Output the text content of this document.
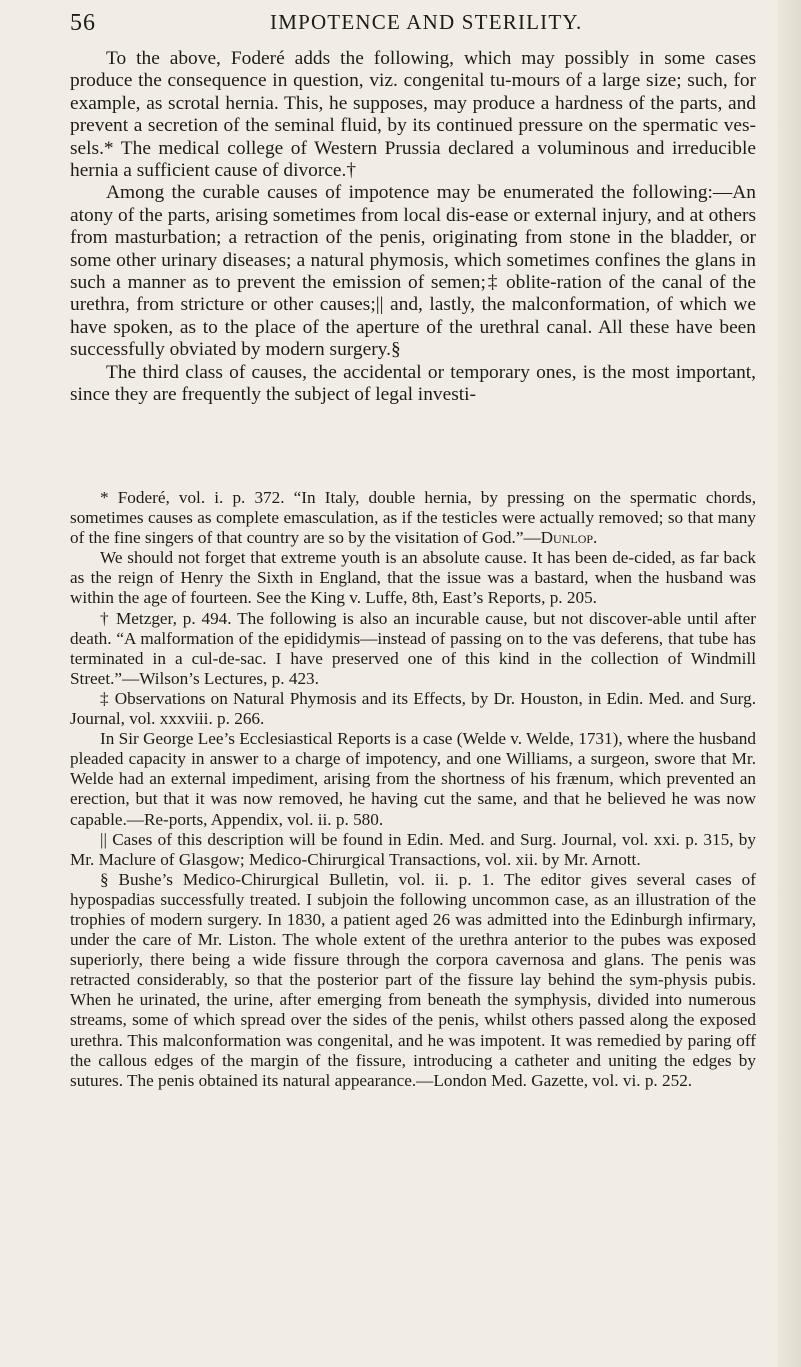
56	IMPOTENCE AND STERILITY.

To the above, Foderé adds the following, which may possibly in some cases produce the consequence in question, viz. congenital tu-mours of a large size; such, for example, as scrotal hernia. This, he supposes, may produce a hardness of the parts, and prevent a secretion of the seminal fluid, by its continued pressure on the spermatic ves-sels.* The medical college of Western Prussia declared a voluminous and irreducible hernia a sufficient cause of divorce.†

Among the curable causes of impotence may be enumerated the following:—An atony of the parts, arising sometimes from local dis-ease or external injury, and at others from masturbation; a retraction of the penis, originating from stone in the bladder, or some other urinary diseases; a natural phymosis, which sometimes confines the glans in such a manner as to prevent the emission of semen;‡ oblite-ration of the canal of the urethra, from stricture or other causes;|| and, lastly, the malconformation, of which we have spoken, as to the place of the aperture of the urethral canal. All these have been successfully obviated by modern surgery.§

The third class of causes, the accidental or temporary ones, is the most important, since they are frequently the subject of legal investi-

* Foderé, vol. i. p. 372. “In Italy, double hernia, by pressing on the spermatic chords, sometimes causes as complete emasculation, as if the testicles were actually removed; so that many of the fine singers of that country are so by the visitation of God.”—Dunlop.

We should not forget that extreme youth is an absolute cause. It has been de-cided, as far back as the reign of Henry the Sixth in England, that the issue was a bastard, when the husband was within the age of fourteen. See the King v. Luffe, 8th, East’s Reports, p. 205.

† Metzger, p. 494. The following is also an incurable cause, but not discover-able until after death. “A malformation of the epididymis—instead of passing on to the vas deferens, that tube has terminated in a cul-de-sac. I have preserved one of this kind in the collection of Windmill Street.”—Wilson’s Lectures, p. 423.

‡ Observations on Natural Phymosis and its Effects, by Dr. Houston, in Edin. Med. and Surg. Journal, vol. xxxviii. p. 266.

In Sir George Lee’s Ecclesiastical Reports is a case (Welde v. Welde, 1731), where the husband pleaded capacity in answer to a charge of impotency, and one Williams, a surgeon, swore that Mr. Welde had an external impediment, arising from the shortness of his frænum, which prevented an erection, but that it was now removed, he having cut the same, and that he believed he was now capable.—Re-ports, Appendix, vol. ii. p. 580.

|| Cases of this description will be found in Edin. Med. and Surg. Journal, vol. xxi. p. 315, by Mr. Maclure of Glasgow; Medico-Chirurgical Transactions, vol. xii. by Mr. Arnott.

§ Bushe’s Medico-Chirurgical Bulletin, vol. ii. p. 1. The editor gives several cases of hypospadias successfully treated. I subjoin the following uncommon case, as an illustration of the trophies of modern surgery. In 1830, a patient aged 26 was admitted into the Edinburgh infirmary, under the care of Mr. Liston. The whole extent of the urethra anterior to the pubes was exposed superiorly, there being a wide fissure through the corpora cavernosa and glans. The penis was retracted considerably, so that the posterior part of the fissure lay behind the sym-physis pubis. When he urinated, the urine, after emerging from beneath the symphysis, divided into numerous streams, some of which spread over the sides of the penis, whilst others passed along the exposed urethra. This malconformation was congenital, and he was impotent. It was remedied by paring off the callous edges of the margin of the fissure, introducing a catheter and uniting the edges by sutures. The penis obtained its natural appearance.—London Med. Gazette, vol. vi. p. 252.
